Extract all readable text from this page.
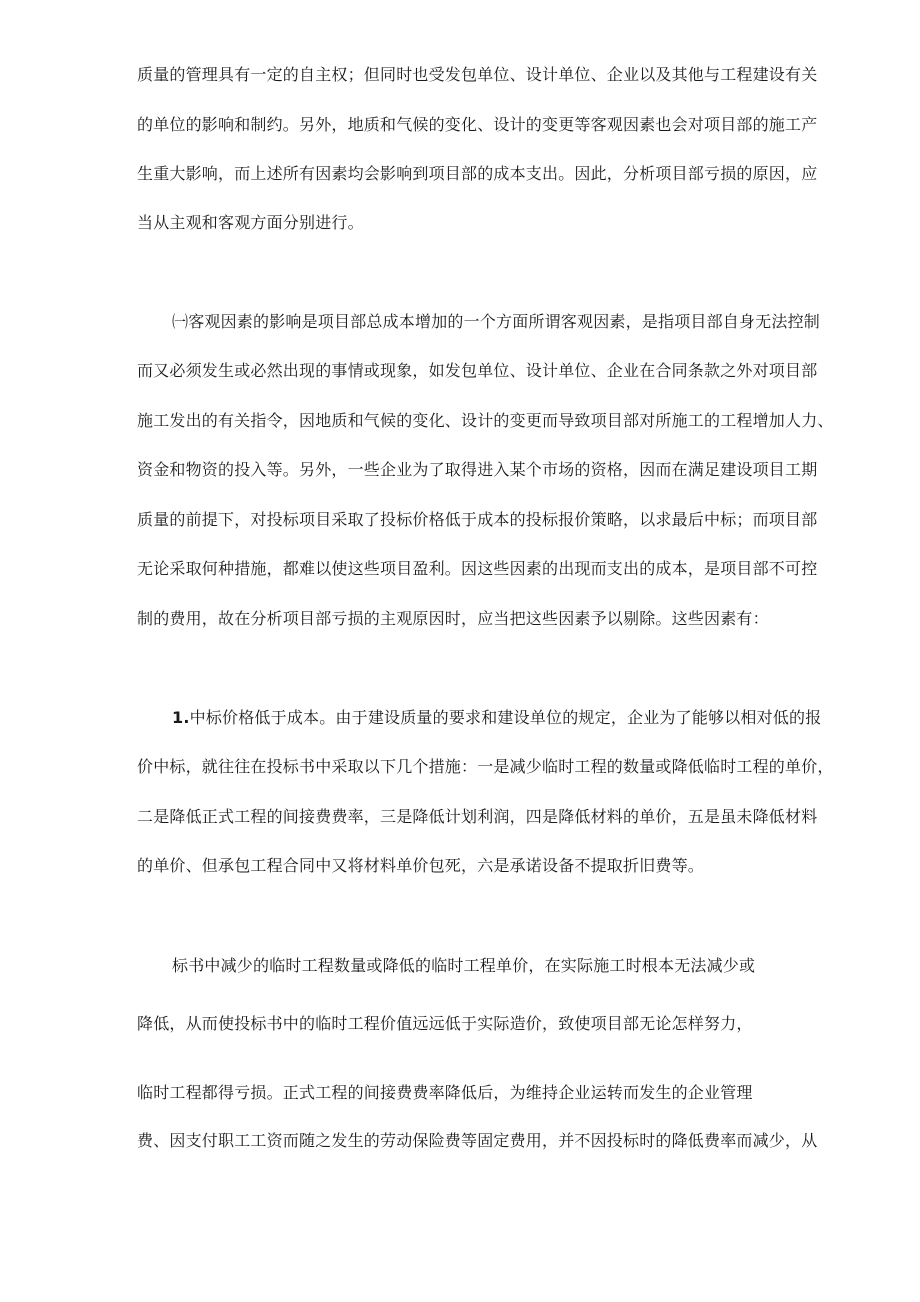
质量的管理具有一定的自主权；但同时也受发包单位、设计单位、企业以及其他与工程建设有关
的单位的影响和制约。另外，地质和气候的变化、设计的变更等客观因素也会对项目部的施工产
生重大影响，而上述所有因素均会影响到项目部的成本支出。因此，分析项目部亏损的原因，应
当从主观和客观方面分别进行。
㈠客观因素的影响是项目部总成本增加的一个方面所谓客观因素，是指项目部自身无法控制
而又必须发生或必然出现的事情或现象，如发包单位、设计单位、企业在合同条款之外对项目部
施工发出的有关指令，因地质和气候的变化、设计的变更而导致项目部对所施工的工程增加人力、
资金和物资的投入等。另外，一些企业为了取得进入某个市场的资格，因而在满足建设项目工期
质量的前提下，对投标项目采取了投标价格低于成本的投标报价策略，以求最后中标；而项目部
无论采取何种措施，都难以使这些项目盈利。因这些因素的出现而支出的成本，是项目部不可控
制的费用，故在分析项目部亏损的主观原因时，应当把这些因素予以剔除。这些因素有：
1.中标价格低于成本。由于建设质量的要求和建设单位的规定，企业为了能够以相对低的报
价中标，就往往在投标书中采取以下几个措施：一是减少临时工程的数量或降低临时工程的单价，
二是降低正式工程的间接费费率，三是降低计划利润，四是降低材料的单价，五是虽未降低材料
的单价、但承包工程合同中又将材料单价包死，六是承诺设备不提取折旧费等。
标书中减少的临时工程数量或降低的临时工程单价，在实际施工时根本无法减少或
降低，从而使投标书中的临时工程价值远远低于实际造价，致使项目部无论怎样努力，
临时工程都得亏损。正式工程的间接费费率降低后，为维持企业运转而发生的企业管理
费、因支付职工工资而随之发生的劳动保险费等固定费用，并不因投标时的降低费率而减少，从
